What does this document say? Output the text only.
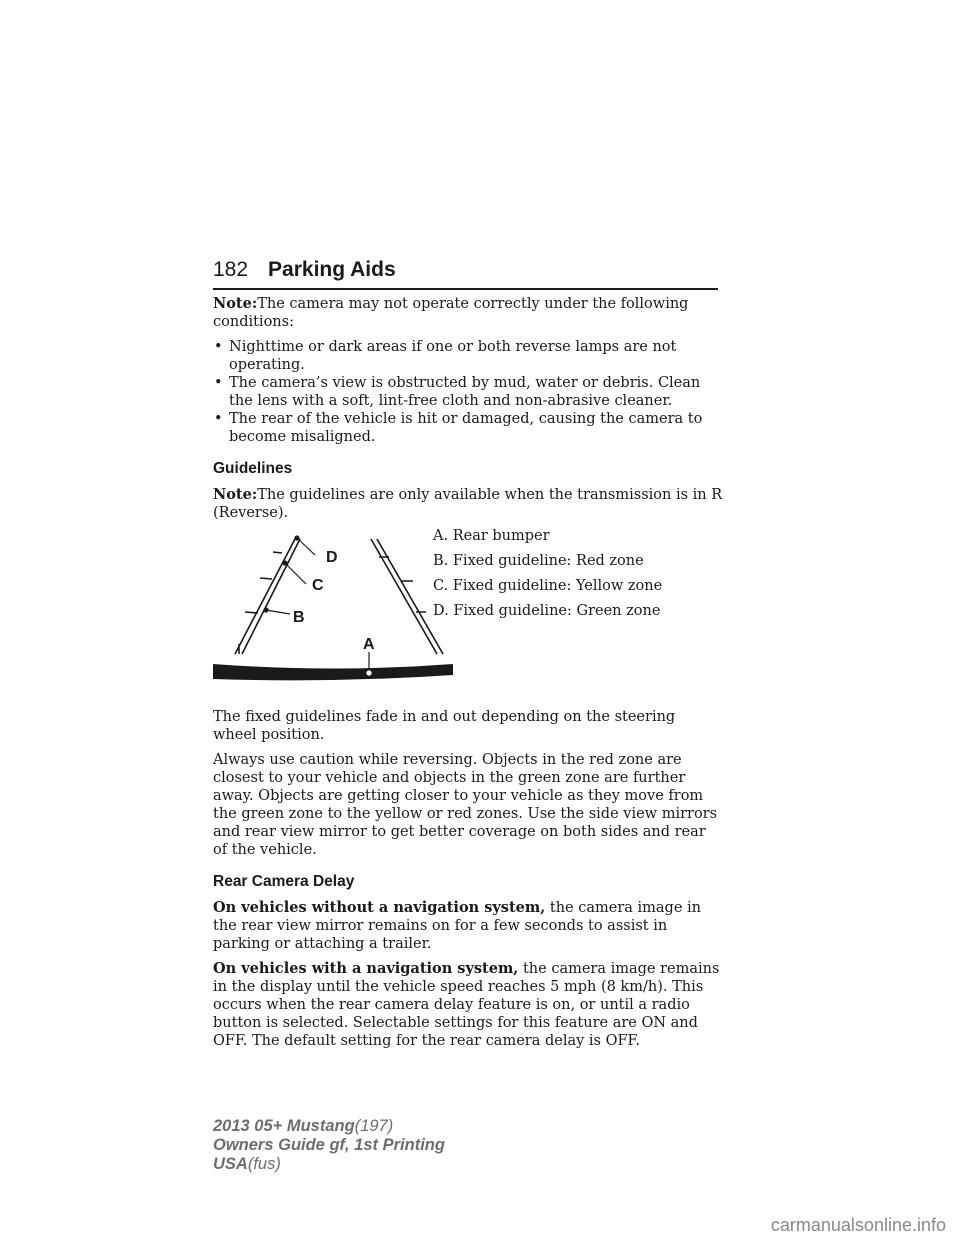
182 Parking Aids

Note:The camera may not operate correctly under the following conditions:

• Nighttime or dark areas if one or both reverse lamps are not operating.
• The camera’s view is obstructed by mud, water or debris. Clean the lens with a soft, lint-free cloth and non-abrasive cleaner.
• The rear of the vehicle is hit or damaged, causing the camera to become misaligned.
Guidelines

Note:The guidelines are only available when the transmission is in R (Reverse).

D
C
B
A
A. Rear bumper
B. Fixed guideline: Red zone
C. Fixed guideline: Yellow zone
D. Fixed guideline: Green zone

The fixed guidelines fade in and out depending on the steering wheel position.

Always use caution while reversing. Objects in the red zone are closest to your vehicle and objects in the green zone are further away. Objects are getting closer to your vehicle as they move from the green zone to the yellow or red zones. Use the side view mirrors and rear view mirror to get better coverage on both sides and rear of the vehicle.

Rear Camera Delay

On vehicles without a navigation system, the camera image in the rear view mirror remains on for a few seconds to assist in parking or attaching a trailer.

On vehicles with a navigation system, the camera image remains in the display until the vehicle speed reaches 5 mph (8 km/h). This occurs when the rear camera delay feature is on, or until a radio button is selected. Selectable settings for this feature are ON and OFF. The default setting for the rear camera delay is OFF.

2013 05+ Mustang(197)
Owners Guide gf, 1st Printing
USA(fus)
carmanualsonline.info
